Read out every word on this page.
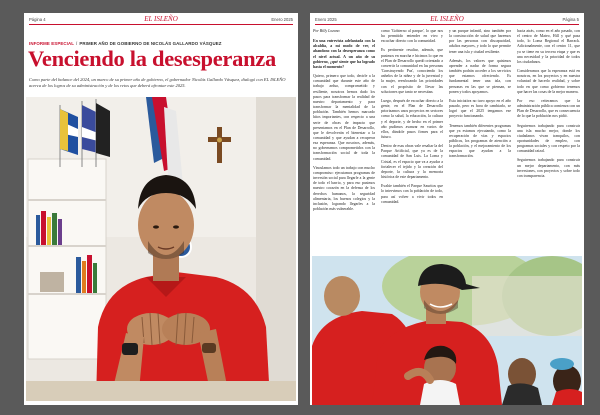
Página 4	EL ISLEÑO	Enero 2025
INFORME ESPECIAL / PRIMER AÑO DE GOBIERNO DE NICOLÁS GALLARDO VÁSQUEZ
Venciendo la desesperanza
Como parte del balance del 2024, un marco de su primer año de gobierno, el gobernador Nicolás Gallardo Vásquez, dialogó con EL ISLEÑO acerca de los logros de su administración y de los retos que deberá afrontar este 2025.
Enero 2025	EL ISLEÑO	Página 5

Por Billy Lozano

En una entrevista adelantada con la alcaldía, a mi modo de ver, el abandono con la desesperanza como el nivel actual. A un año de su gobierno, ¿qué siente que ha logrado hasta el momento?

Quiero, primero que todo, decirle a la comunidad que durante este año de trabajo arduo, comprometido y resiliente, nosotros hemos dado los pasos para transformar la realidad de nuestro departamento y para transformar la mentalidad de la población. También hemos marcado hitos importantes, con respecto a una serie de obras de impacto que presentamos en el Plan de Desarrollo, que le devolverán el bienestar a la comunidad y que ayudan a recuperar esa esperanza. Que nosotros, además, no gobernamos comprometidos con la transformación social de toda la comunidad.

Vinculamos todo un trabajo con mucho compromiso: ejecutamos programas de inversión social para llegarle a la gente de todo el barrio, y para eso pusimos nuestro corazón en la defensa de los derechos humanos, la seguridad alimentaria, los buenos colegios y la inclusión, logrando llegarles a la población más vulnerable.

como 'Gobierno al parque', lo que nos ha permitido entender en vivo y escuchar directo con la comunidad.

Es pertinente resaltar, además, que pusimos en marcha e hicimos lo que en el Plan de Desarrollo quedó orientado a convertir la comunidad en las personas 'Construyendo Paz', conociendo los anhelos de la niñez y de la juventud y la mujer, reenfocando las prioridades con el propósito de llevar las soluciones que tanto se necesitan.

Luego, después de escuchar directo a la gente, en el Plan de Desarrollo priorizamos unos proyectos en sectores como la salud, la educación, la cultura y el deporte, y de hecho en el primer año pudimos avanzar en varios de ellos, dándole pasos firmes para el futuro.

Dentro de esas obras vale resaltar la del Parque Artificial, que ya es de la comunidad de San Luis. La Loma y Cristal, es el espacio que va a ayudar a fortalecer el tejido y la creación del deporte, la cultura y la memoria histórica de este departamento.

Evalúe también el Parque Sauritos que lo intervimos con la población de todo, para así volver a vivir todos en comunidad.

y un parque infantil, sino también por la construcción de salud que haremos por las personas con discapacidad, adultos mayores, y todo lo que permite tener una isla y ciudad resiliente.

Además, los valores que quisimos aprender a nadar de forma segura también podrán acceder a los servicios que estamos ofreciendo. Es fundamental tener una isla, con personas en las que se piensan, se ponen y todos apoyamos.

Esta iniciativa no tuvo apoyo en el año pasado, pero es hora de cambiarlo, se logró que el 2025 tengamos ese proyecto funcionando.

Tenemos también diferentes programas que ya estamos ejecutando, como la recuperación de vías y espacios públicos, los programas de atención a la población, y el mejoramiento de los espacios que ayudan a la transformación.

hacia atrás, como en el año pasado, con el centro de Mateo, Hill y qué pasa todo, lo Loma Regional el Barrack. Adicionalmente, con el centro 11, que ya se tiene en su tercera etapa y que es una necesidad y la prioridad de todos los ciudadanos.

Consideramos que la esperanza está en nosotros, en los proyectos y en nuestra voluntad de hacerlo realidad, y sobre todo en que como gobierno tenemos que hacer las cosas de la mejor manera.

Por eso reiteramos que la administración pública comienza con un Plan de Desarrollo, que es consecuencia de lo que la población nos pidió.

Seguiremos trabajando para construir una isla mucho mejor, donde los ciudadanos vivan tranquilos, con oportunidades de empleo, con programas sociales y con respeto por la comunidad raizal.

Seguiremos trabajando para construir un mejor departamento, con más inversiones, con proyectos y sobre todo con transparencia.
